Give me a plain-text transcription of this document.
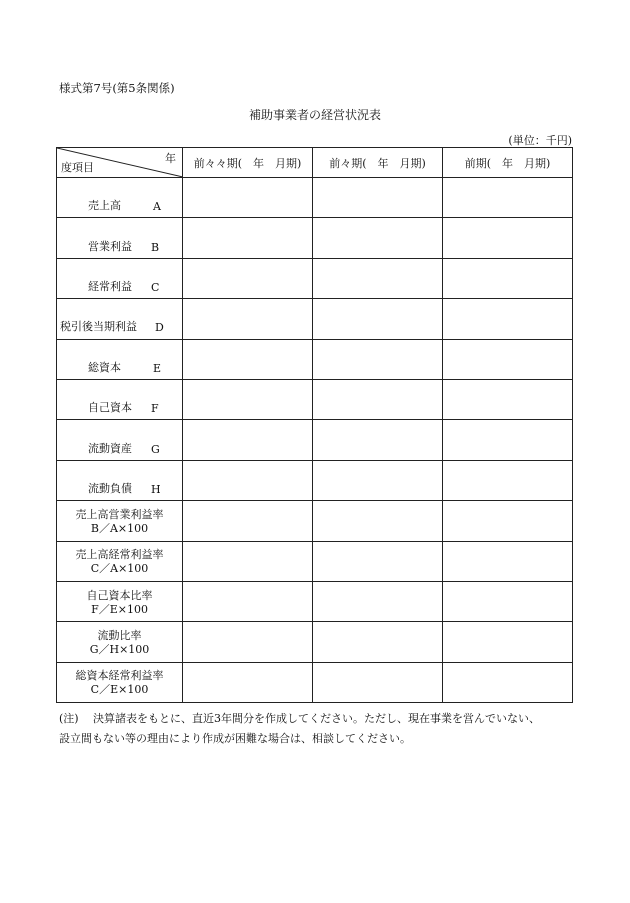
様式第7号(第5条関係)
補助事業者の経営状況表
(単位：千円)
年
度項目	前々々期(　年　月期)	前々期(　年　月期)	前期(　年　月期)

売上高 A			

営業利益 B			

経常利益 C			

税引後当期利益 D			

総資本 E			

自己資本 F			

流動資産 G			

流動負債 H			

売上高営業利益率
B／A×100			

売上高経常利益率
C／A×100			

自己資本比率
F／E×100			

流動比率
G／H×100			

総資本経常利益率
C／E×100			

(注) 決算諸表をもとに、直近3年間分を作成してください。ただし、現在事業を営んでいない、
設立間もない等の理由により作成が困難な場合は、相談してください。
